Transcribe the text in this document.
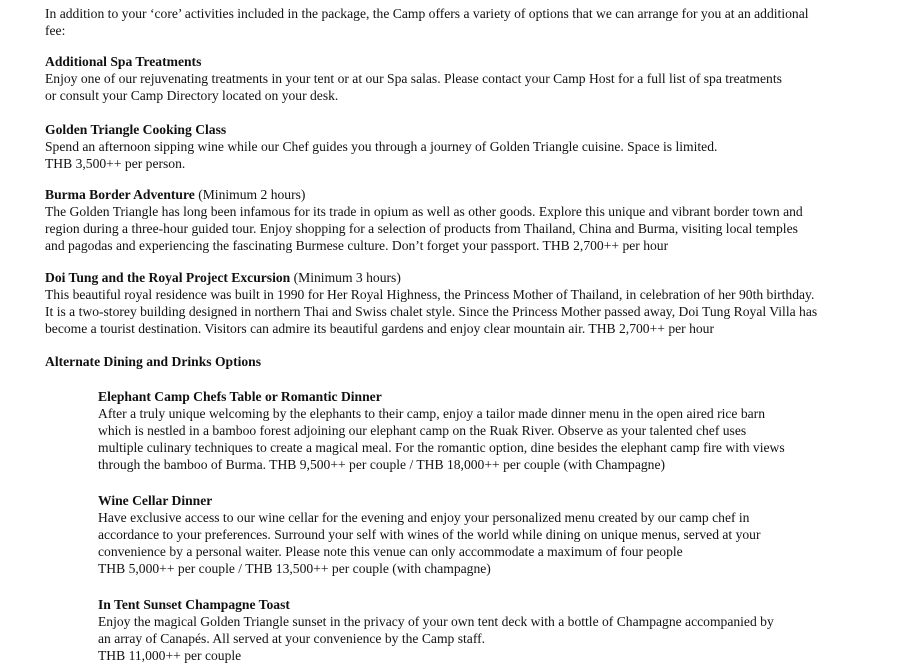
In addition to your ‘core’ activities included in the package, the Camp offers a variety of options that we can arrange for you at an additional
fee:
Additional Spa Treatments
Enjoy one of our rejuvenating treatments in your tent or at our Spa salas. Please contact your Camp Host for a full list of spa treatments
or consult your Camp Directory located on your desk.
Golden Triangle Cooking Class
Spend an afternoon sipping wine while our Chef guides you through a journey of Golden Triangle cuisine. Space is limited.
THB 3,500++ per person.
Burma Border Adventure (Minimum 2 hours)
The Golden Triangle has long been infamous for its trade in opium as well as other goods. Explore this unique and vibrant border town and
region during a three-hour guided tour. Enjoy shopping for a selection of products from Thailand, China and Burma, visiting local temples
and pagodas and experiencing the fascinating Burmese culture. Don’t forget your passport. THB 2,700++ per hour
Doi Tung and the Royal Project Excursion (Minimum 3 hours)
This beautiful royal residence was built in 1990 for Her Royal Highness, the Princess Mother of Thailand, in celebration of her 90th birthday.
It is a two-storey building designed in northern Thai and Swiss chalet style. Since the Princess Mother passed away, Doi Tung Royal Villa has
become a tourist destination. Visitors can admire its beautiful gardens and enjoy clear mountain air. THB 2,700++ per hour
Alternate Dining and Drinks Options
Elephant Camp Chefs Table or Romantic Dinner
After a truly unique welcoming by the elephants to their camp, enjoy a tailor made dinner menu in the open aired rice barn
which is nestled in a bamboo forest adjoining our elephant camp on the Ruak River. Observe as your talented chef uses
multiple culinary techniques to create a magical meal. For the romantic option, dine besides the elephant camp fire with views
through the bamboo of Burma. THB 9,500++ per couple / THB 18,000++ per couple (with Champagne)
Wine Cellar Dinner
Have exclusive access to our wine cellar for the evening and enjoy your personalized menu created by our camp chef in
accordance to your preferences. Surround your self with wines of the world while dining on unique menus, served at your
convenience by a personal waiter. Please note this venue can only accommodate a maximum of four people
THB 5,000++ per couple / THB 13,500++ per couple (with champagne)
In Tent Sunset Champagne Toast
Enjoy the magical Golden Triangle sunset in the privacy of your own tent deck with a bottle of Champagne accompanied by
an array of Canapés. All served at your convenience by the Camp staff.
THB 11,000++ per couple
